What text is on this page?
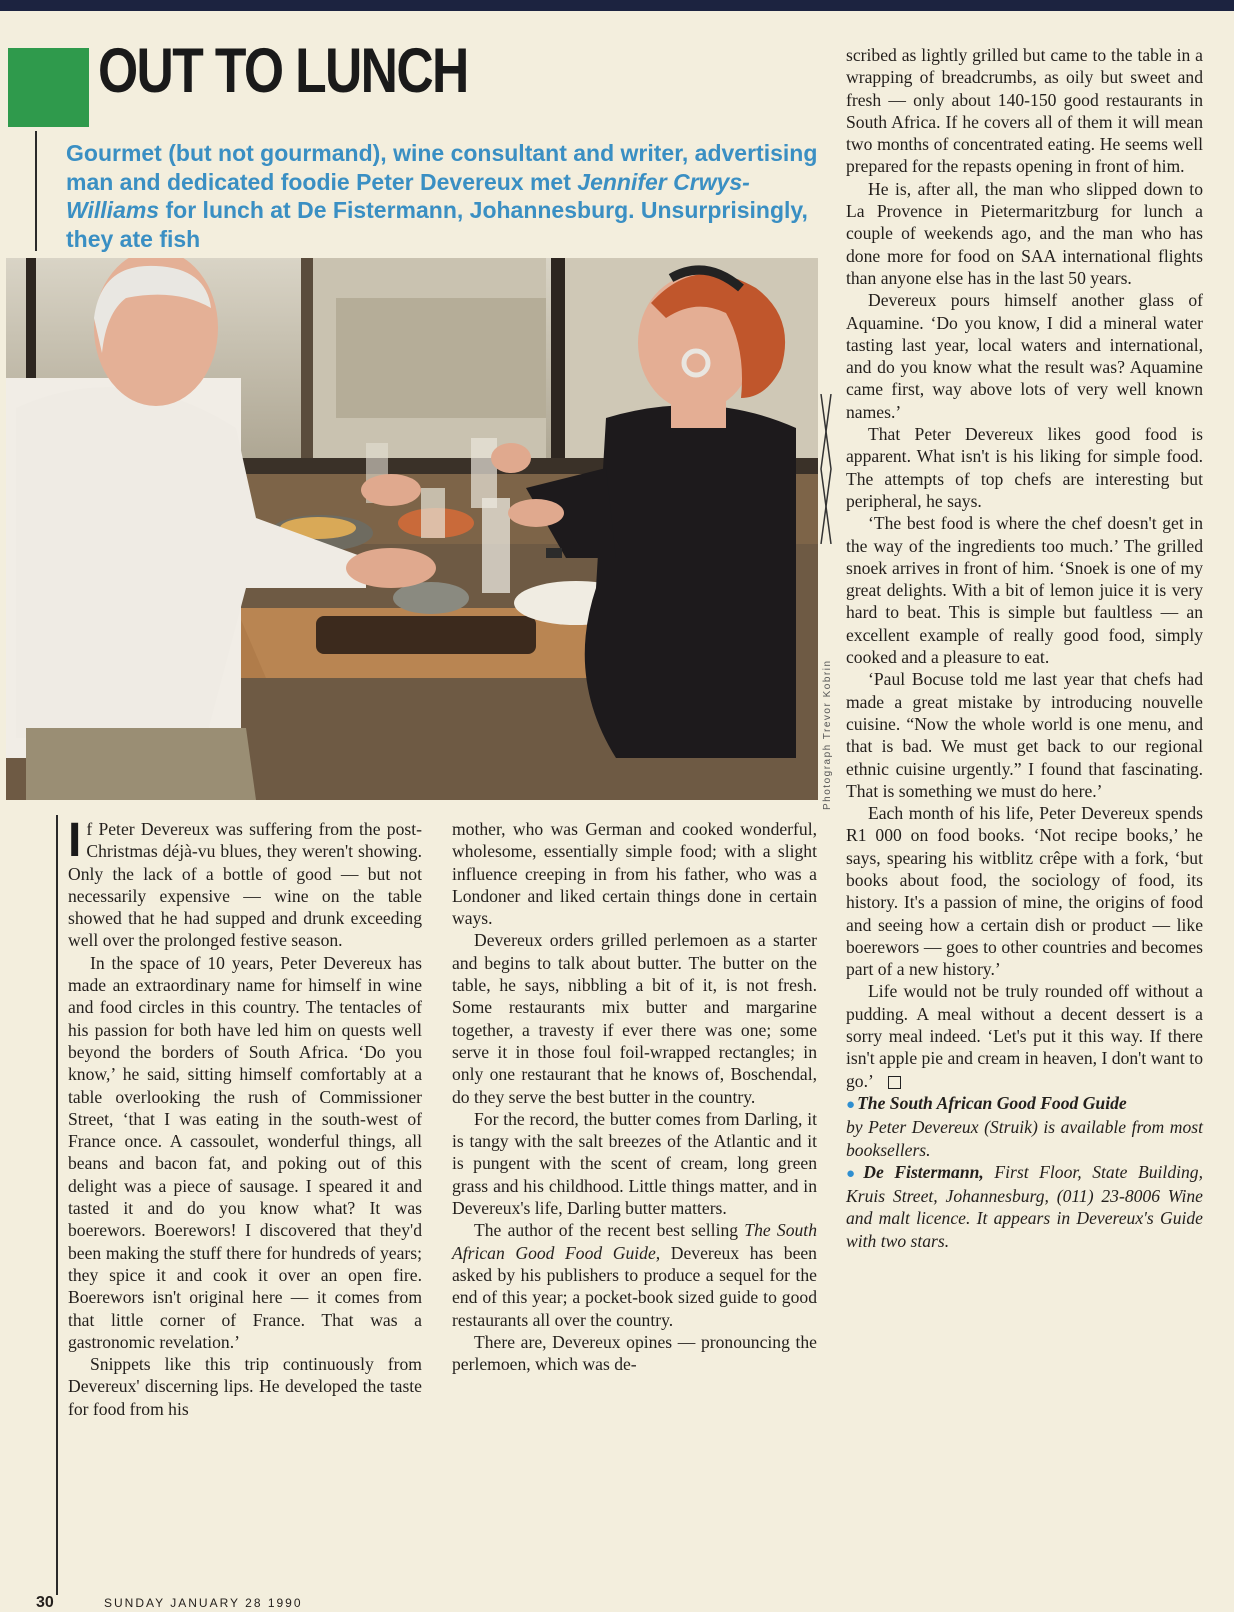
OUT TO LUNCH

Gourmet (but not gourmand), wine consultant and writer, advertising man and dedicated foodie Peter Devereux met Jennifer Crwys-Williams for lunch at De Fistermann, Johannesburg. Unsurprisingly, they ate fish

Photograph Trevor Kobrin

If Peter Devereux was suffering from the post-Christmas déjà-vu blues, they weren't showing. Only the lack of a bottle of good — but not necessarily expensive — wine on the table showed that he had supped and drunk exceeding well over the prolonged festive season.

In the space of 10 years, Peter Devereux has made an extraordinary name for himself in wine and food circles in this country. The tentacles of his passion for both have led him on quests well beyond the borders of South Africa. ‘Do you know,’ he said, sitting himself comfortably at a table overlooking the rush of Commissioner Street, ‘that I was eating in the south-west of France once. A cassoulet, wonderful things, all beans and bacon fat, and poking out of this delight was a piece of sausage. I speared it and tasted it and do you know what? It was boerewors. Boerewors! I discovered that they'd been making the stuff there for hundreds of years; they spice it and cook it over an open fire. Boerewors isn't original here — it comes from that little corner of France. That was a gastronomic revelation.’

Snippets like this trip continuously from Devereux' discerning lips. He developed the taste for food from his

mother, who was German and cooked wonderful, wholesome, essentially simple food; with a slight influence creeping in from his father, who was a Londoner and liked certain things done in certain ways.

Devereux orders grilled perlemoen as a starter and begins to talk about butter. The butter on the table, he says, nibbling a bit of it, is not fresh. Some restaurants mix butter and margarine together, a travesty if ever there was one; some serve it in those foul foil-wrapped rectangles; in only one restaurant that he knows of, Boschendal, do they serve the best butter in the country.

For the record, the butter comes from Darling, it is tangy with the salt breezes of the Atlantic and it is pungent with the scent of cream, long green grass and his childhood. Little things matter, and in Devereux's life, Darling butter matters.

The author of the recent best selling The South African Good Food Guide, Devereux has been asked by his publishers to produce a sequel for the end of this year; a pocket-book sized guide to good restaurants all over the country.

There are, Devereux opines — pronouncing the perlemoen, which was de-

scribed as lightly grilled but came to the table in a wrapping of breadcrumbs, as oily but sweet and fresh — only about 140-150 good restaurants in South Africa. If he covers all of them it will mean two months of concentrated eating. He seems well prepared for the repasts opening in front of him.

He is, after all, the man who slipped down to La Provence in Pietermaritzburg for lunch a couple of weekends ago, and the man who has done more for food on SAA international flights than anyone else has in the last 50 years.

Devereux pours himself another glass of Aquamine. ‘Do you know, I did a mineral water tasting last year, local waters and international, and do you know what the result was? Aquamine came first, way above lots of very well known names.’

That Peter Devereux likes good food is apparent. What isn't is his liking for simple food. The attempts of top chefs are interesting but peripheral, he says.

‘The best food is where the chef doesn't get in the way of the ingredients too much.’ The grilled snoek arrives in front of him. ‘Snoek is one of my great delights. With a bit of lemon juice it is very hard to beat. This is simple but faultless — an excellent example of really good food, simply cooked and a pleasure to eat.

‘Paul Bocuse told me last year that chefs had made a great mistake by introducing nouvelle cuisine. “Now the whole world is one menu, and that is bad. We must get back to our regional ethnic cuisine urgently.” I found that fascinating. That is something we must do here.’

Each month of his life, Peter Devereux spends R1 000 on food books. ‘Not recipe books,’ he says, spearing his witblitz crêpe with a fork, ‘but books about food, the sociology of food, its history. It's a passion of mine, the origins of food and seeing how a certain dish or product — like boerewors — goes to other countries and becomes part of a new history.’

Life would not be truly rounded off without a pudding. A meal without a decent dessert is a sorry meal indeed. ‘Let's put it this way. If there isn't apple pie and cream in heaven, I don't want to go.’

● The South African Good Food Guide

by Peter Devereux (Struik) is available from most booksellers.

● De Fistermann, First Floor, State Building, Kruis Street, Johannesburg, (011) 23-8006 Wine and malt licence. It appears in Devereux's Guide with two stars.

30	SUNDAY JANUARY 28 1990
